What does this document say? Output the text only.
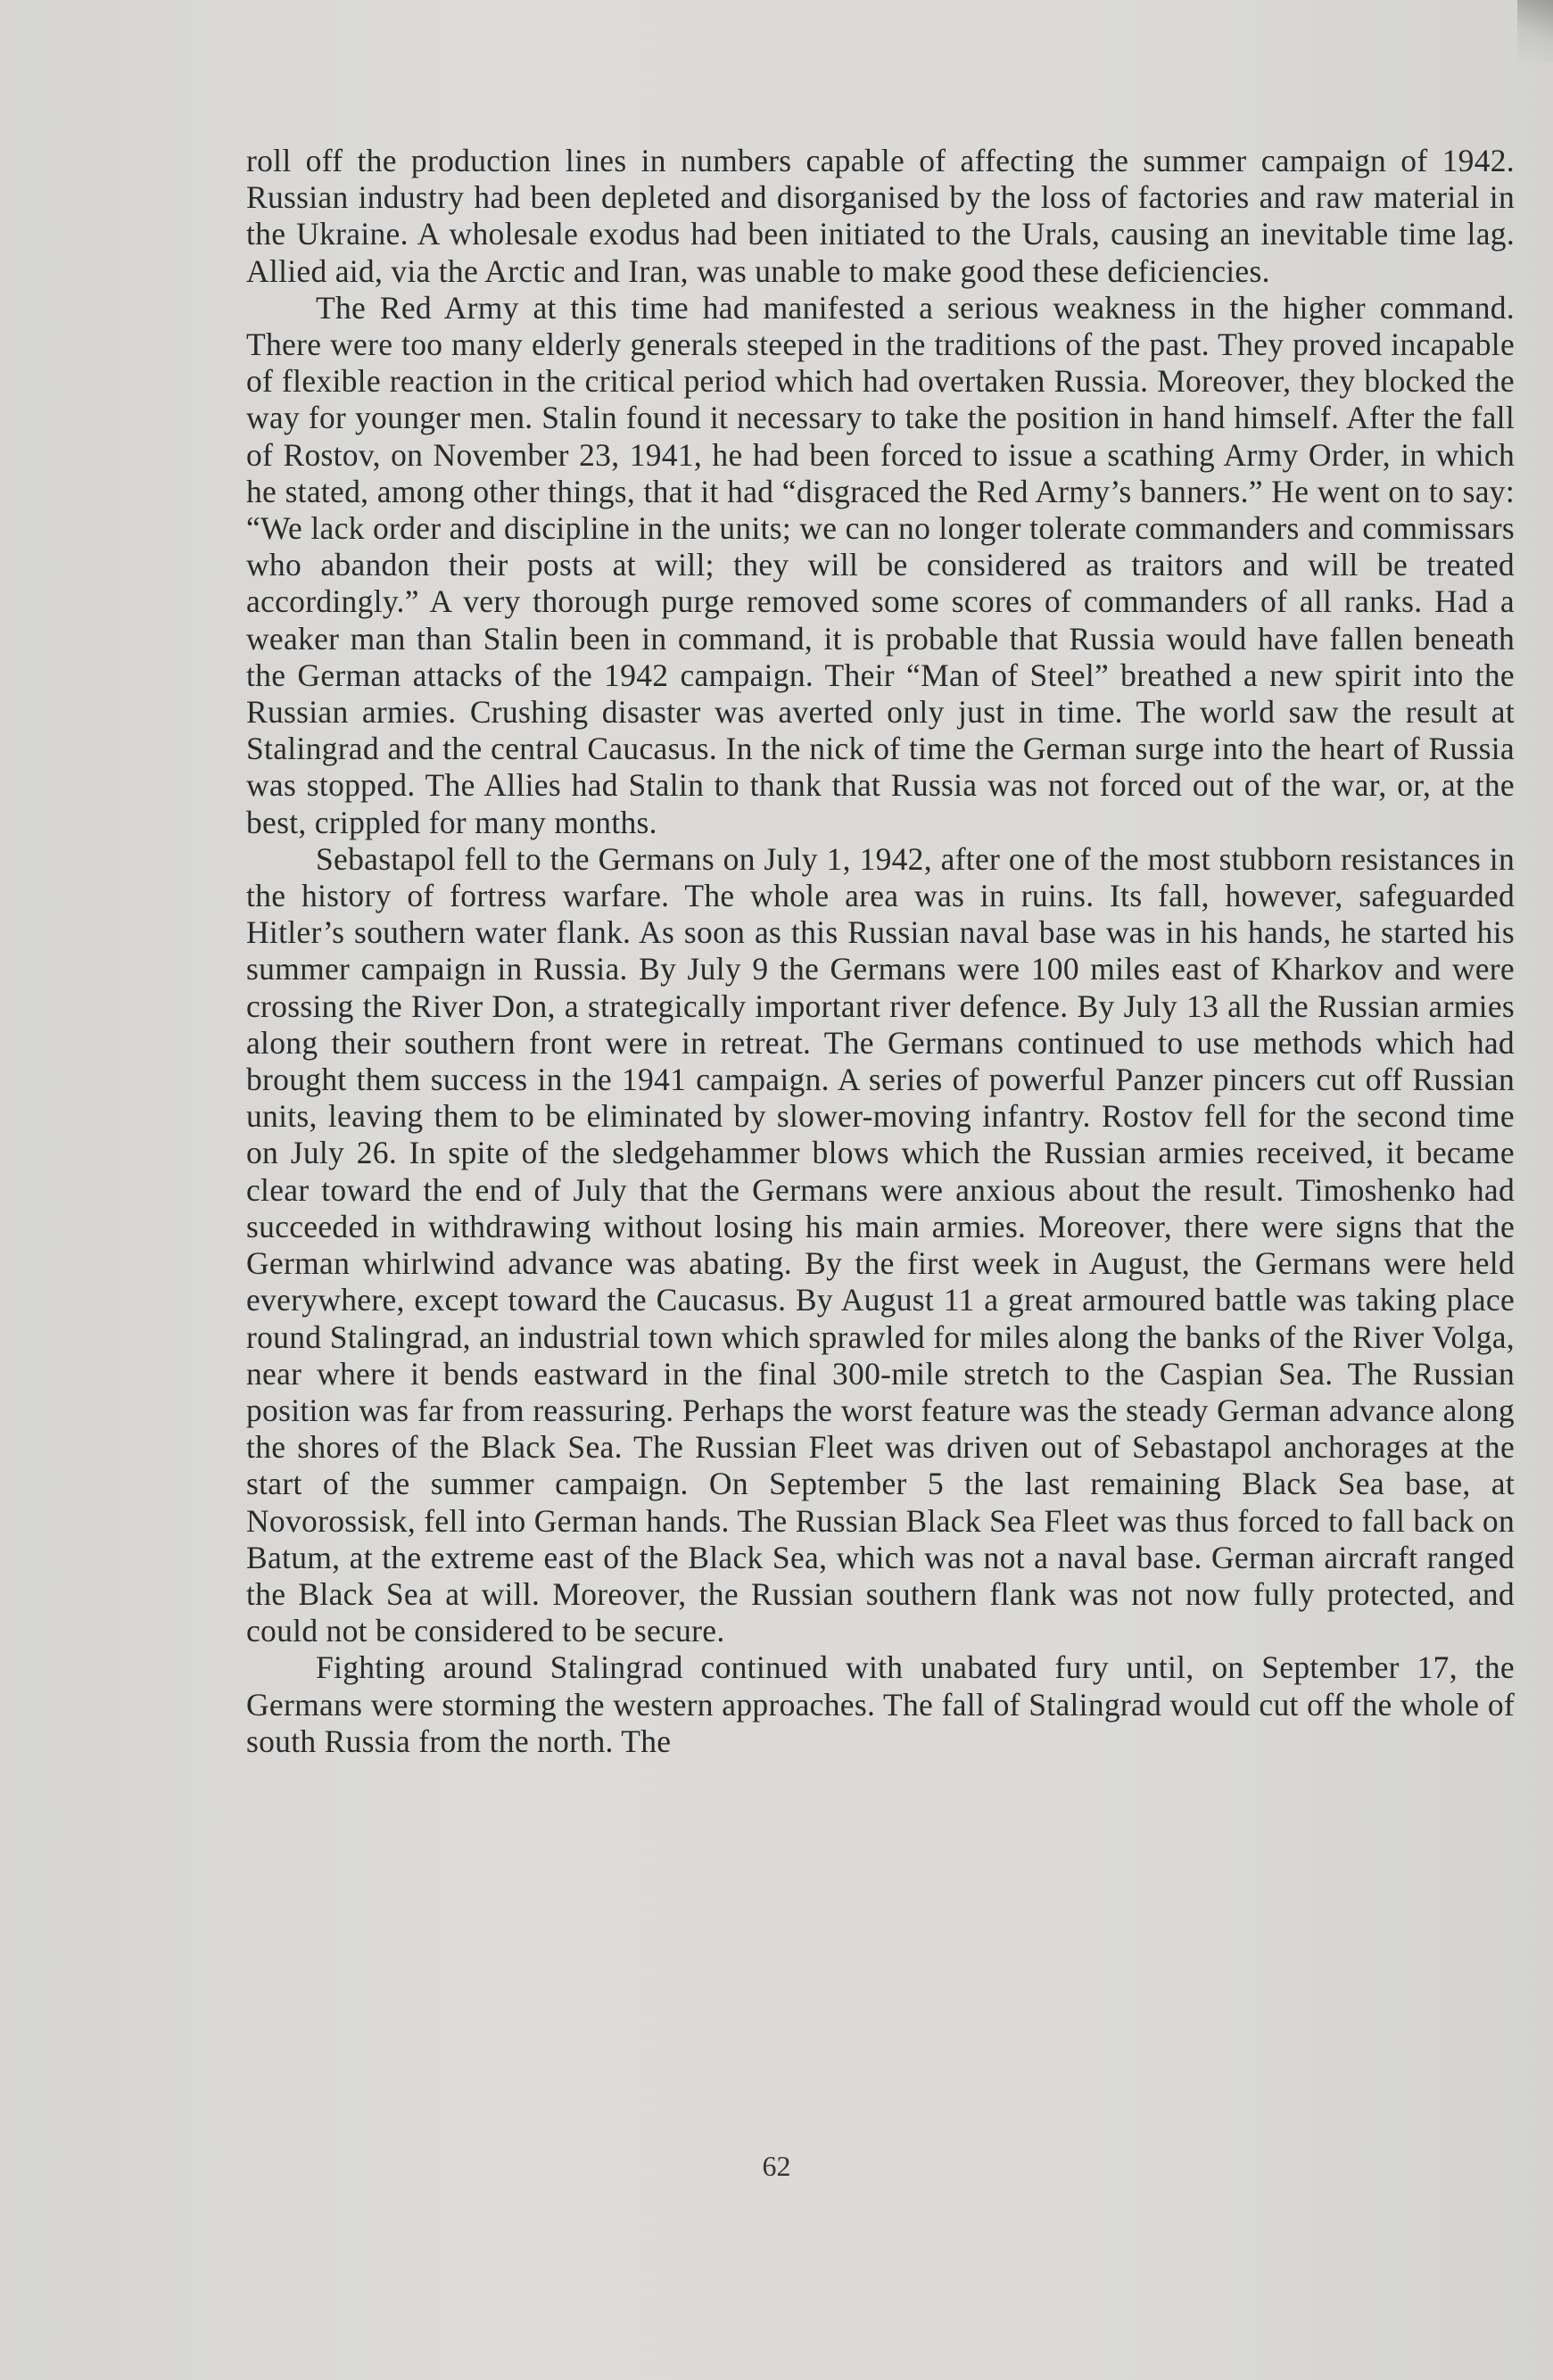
roll off the production lines in numbers capable of affecting the summer campaign of 1942. Russian industry had been depleted and disorganised by the loss of factories and raw material in the Ukraine. A wholesale exodus had been initiated to the Urals, causing an inevitable time lag. Allied aid, via the Arctic and Iran, was unable to make good these deficiencies.

The Red Army at this time had manifested a serious weakness in the higher command. There were too many elderly generals steeped in the traditions of the past. They proved incapable of flexible reaction in the critical period which had overtaken Russia. Moreover, they blocked the way for younger men. Stalin found it necessary to take the position in hand himself. After the fall of Rostov, on November 23, 1941, he had been forced to issue a scathing Army Order, in which he stated, among other things, that it had “disgraced the Red Army’s banners.” He went on to say: “We lack order and discipline in the units; we can no longer tolerate commanders and commissars who abandon their posts at will; they will be considered as traitors and will be treated accordingly.” A very thorough purge removed some scores of commanders of all ranks. Had a weaker man than Stalin been in command, it is probable that Russia would have fallen beneath the German attacks of the 1942 campaign. Their “Man of Steel” breathed a new spirit into the Russian armies. Crushing disaster was averted only just in time. The world saw the result at Stalingrad and the central Caucasus. In the nick of time the German surge into the heart of Russia was stopped. The Allies had Stalin to thank that Russia was not forced out of the war, or, at the best, crippled for many months.

Sebastapol fell to the Germans on July 1, 1942, after one of the most stubborn resistances in the history of fortress warfare. The whole area was in ruins. Its fall, however, safeguarded Hitler’s southern water flank. As soon as this Russian naval base was in his hands, he started his summer campaign in Russia. By July 9 the Germans were 100 miles east of Kharkov and were crossing the River Don, a strategically important river defence. By July 13 all the Russian armies along their southern front were in retreat. The Germans continued to use methods which had brought them success in the 1941 campaign. A series of powerful Panzer pincers cut off Russian units, leaving them to be eliminated by slower-moving infantry. Rostov fell for the second time on July 26. In spite of the sledgehammer blows which the Russian armies received, it became clear toward the end of July that the Germans were anxious about the result. Timoshenko had succeeded in withdrawing without losing his main armies. Moreover, there were signs that the German whirlwind advance was abating. By the first week in August, the Germans were held everywhere, except toward the Caucasus. By August 11 a great armoured battle was taking place round Stalingrad, an industrial town which sprawled for miles along the banks of the River Volga, near where it bends eastward in the final 300-mile stretch to the Caspian Sea. The Russian position was far from reassuring. Perhaps the worst feature was the steady German advance along the shores of the Black Sea. The Russian Fleet was driven out of Sebastapol anchorages at the start of the summer campaign. On September 5 the last remaining Black Sea base, at Novorossisk, fell into German hands. The Russian Black Sea Fleet was thus forced to fall back on Batum, at the extreme east of the Black Sea, which was not a naval base. German aircraft ranged the Black Sea at will. Moreover, the Russian southern flank was not now fully protected, and could not be considered to be secure.

Fighting around Stalingrad continued with unabated fury until, on September 17, the Germans were storming the western approaches. The fall of Stalingrad would cut off the whole of south Russia from the north. The

62
